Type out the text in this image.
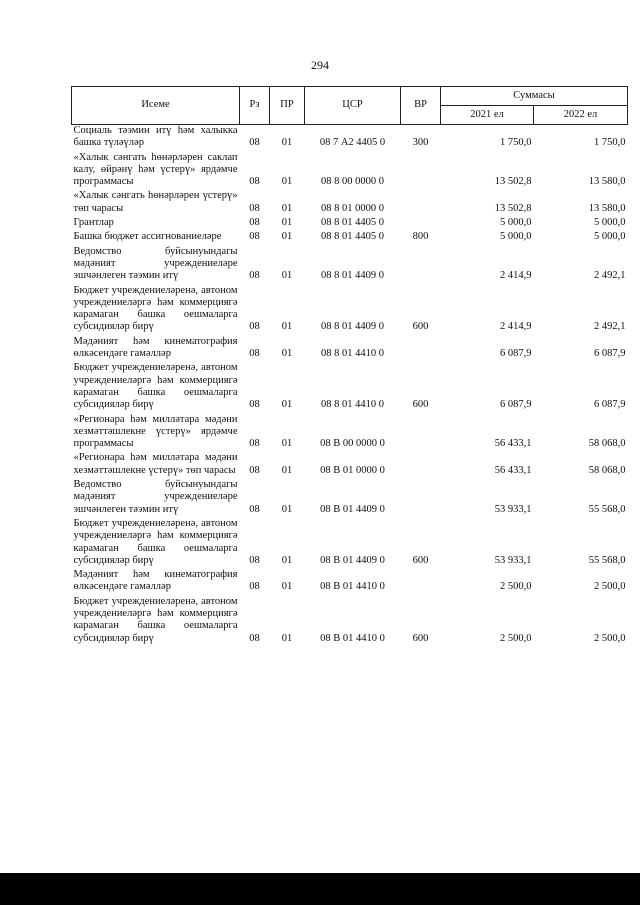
294
Исеме	Рз	ПР	ЦСР	ВР	Суммасы	
					2021 ел	2022 ел
Социаль тәэмин итү һәм халыкка башка түләүләр	08	01	08 7 А2 4405 0	300	1 750,0	1 750,0
«Халык сәнгать һөнәрләрен саклап калу, өйрәнү һәм үстерү» ярдәмче программасы	08	01	08 8 00 0000 0		13 502,8	13 580,0
«Халык сәнгать һөнәрләрен үстерү» төп чарасы	08	01	08 8 01 0000 0		13 502,8	13 580,0
Грантлар	08	01	08 8 01 4405 0		5 000,0	5 000,0
Башка бюджет ассигнованиеләре	08	01	08 8 01 4405 0	800	5 000,0	5 000,0
Ведомство буйсынуындагы мәдәният учреждениеләре эшчәнлеген тәэмин итү	08	01	08 8 01 4409 0		2 414,9	2 492,1
Бюджет учреждениеләренә, автоном учреждениеләргә һәм коммерциягә карамаган башка оешмаларга субсидияләр бирү	08	01	08 8 01 4409 0	600	2 414,9	2 492,1
Мәдәният һәм кинематография өлкәсендәге гамәлләр	08	01	08 8 01 4410 0		6 087,9	6 087,9
Бюджет учреждениеләренә, автоном учреждениеләргә һәм коммерциягә карамаган башка оешмаларга субсидияләр бирү	08	01	08 8 01 4410 0	600	6 087,9	6 087,9
«Регионара һәм милләтара мәдәни хезмәттәшлекне үстерү» ярдәмче программасы	08	01	08 В 00 0000 0		56 433,1	58 068,0
«Регионара һәм милләтара мәдәни хезмәттәшлекне үстерү» төп чарасы	08	01	08 В 01 0000 0		56 433,1	58 068,0
Ведомство буйсынуындагы мәдәният учреждениеләре эшчәнлеген тәэмин итү	08	01	08 В 01 4409 0		53 933,1	55 568,0
Бюджет учреждениеләренә, автоном учреждениеләргә һәм коммерциягә карамаган башка оешмаларга субсидияләр бирү	08	01	08 В 01 4409 0	600	53 933,1	55 568,0
Мәдәният һәм кинематография өлкәсендәге гамәлләр	08	01	08 В 01 4410 0		2 500,0	2 500,0
Бюджет учреждениеләренә, автоном учреждениеләргә һәм коммерциягә карамаган башка оешмаларга субсидияләр бирү	08	01	08 В 01 4410 0	600	2 500,0	2 500,0
